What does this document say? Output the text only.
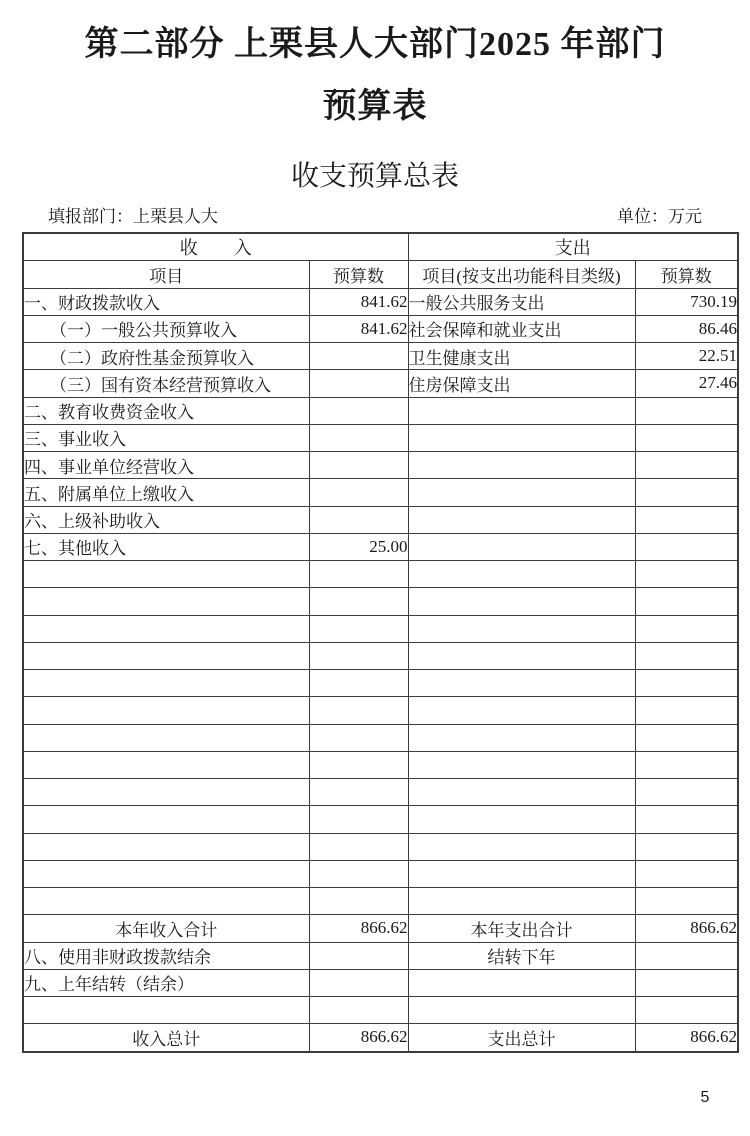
第二部分 上栗县人大部门2025 年部门
预算表
收支预算总表
填报部门：上栗县人大	单位：万元
收　　入		支出	
项目	预算数	项目(按支出功能科目类级)	预算数
一、财政拨款收入	841.62	一般公共服务支出	730.19
（一）一般公共预算收入	841.62	社会保障和就业支出	86.46
（二）政府性基金预算收入		卫生健康支出	22.51
（三）国有资本经营预算收入		住房保障支出	27.46
二、教育收费资金收入			
三、事业收入			
四、事业单位经营收入			
五、附属单位上缴收入			
六、上级补助收入			
七、其他收入	25.00		

本年收入合计	866.62	本年支出合计	866.62
八、使用非财政拨款结余		结转下年	
九、上年结转（结余）			

收入总计	866.62	支出总计	866.62
5
